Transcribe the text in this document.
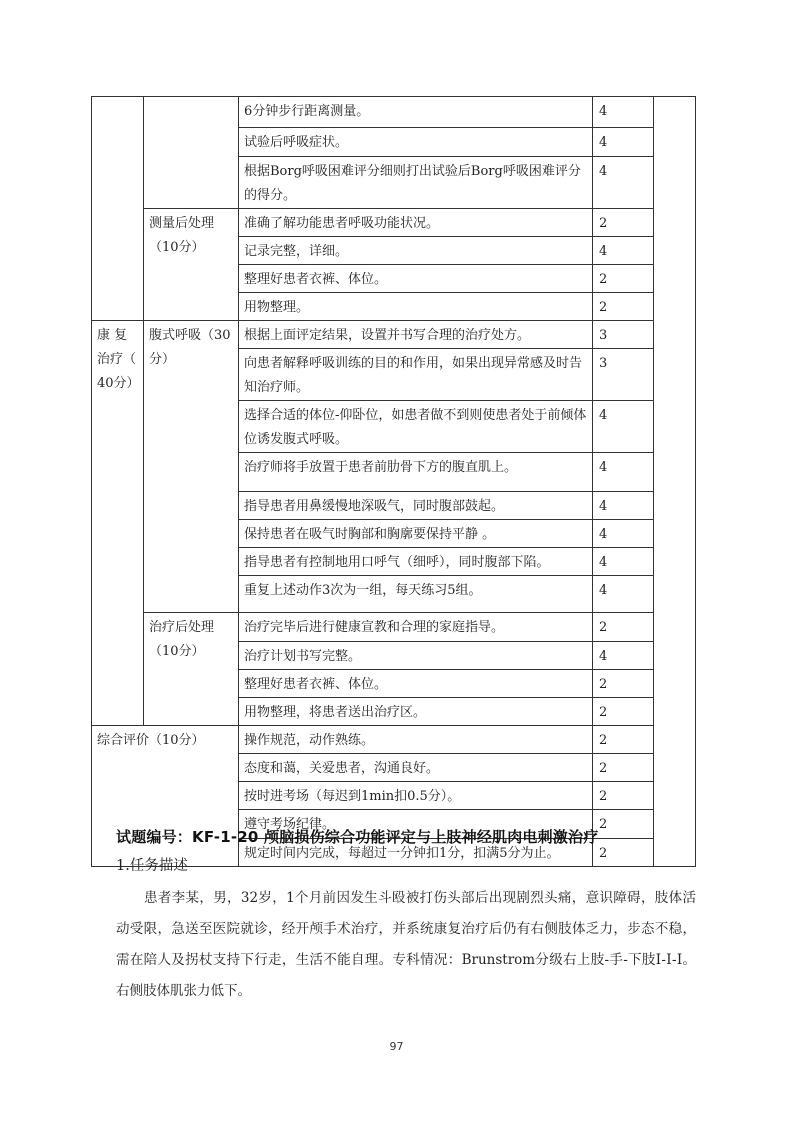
		6分钟步行距离测量。	4	
		试验后呼吸症状。	4	
		根据Borg呼吸困难评分细则打出试验后Borg呼吸困难评分的得分。	4	
	测量后处理（10分）	准确了解功能患者呼吸功能状况。	2	
		记录完整，详细。	4	
		整理好患者衣裤、体位。	2	
		用物整理。	2	
康 复治疗（ 40分）	腹式呼吸（30分）	根据上面评定结果，设置并书写合理的治疗处方。	3	
		向患者解释呼吸训练的目的和作用，如果出现异常感及时告知治疗师。	3	
		选择合适的体位-仰卧位，如患者做不到则使患者处于前倾体位诱发腹式呼吸。	4	
		治疗师将手放置于患者前肋骨下方的腹直肌上。	4	
		指导患者用鼻缓慢地深吸气，同时腹部鼓起。	4	
		保持患者在吸气时胸部和胸廓要保持平静 。	4	
		指导患者有控制地用口呼气（细呼），同时腹部下陷。	4	
		重复上述动作3次为一组，每天练习5组。	4	
	治疗后处理（10分）	治疗完毕后进行健康宣教和合理的家庭指导。	2	
		治疗计划书写完整。	4	
		整理好患者衣裤、体位。	2	
		用物整理，将患者送出治疗区。	2	
综合评价（10分）		操作规范，动作熟练。	2	
		态度和蔼，关爱患者，沟通良好。	2	
		按时进考场（每迟到1min扣0.5分）。	2	
		遵守考场纪律。	2	
		规定时间内完成，每超过一分钟扣1分，扣满5分为止。	2	
试题编号：KF-1-20 颅脑损伤综合功能评定与上肢神经肌肉电刺激治疗
1.任务描述
患者李某，男，32岁，1个月前因发生斗殴被打伤头部后出现剧烈头痛，意识障碍，肢体活动受限，急送至医院就诊，经开颅手术治疗，并系统康复治疗后仍有右侧肢体乏力，步态不稳，需在陪人及拐杖支持下行走，生活不能自理。专科情况：Brunstrom分级右上肢-手-下肢Ⅰ-Ⅰ-Ⅰ。右侧肢体肌张力低下。
97
